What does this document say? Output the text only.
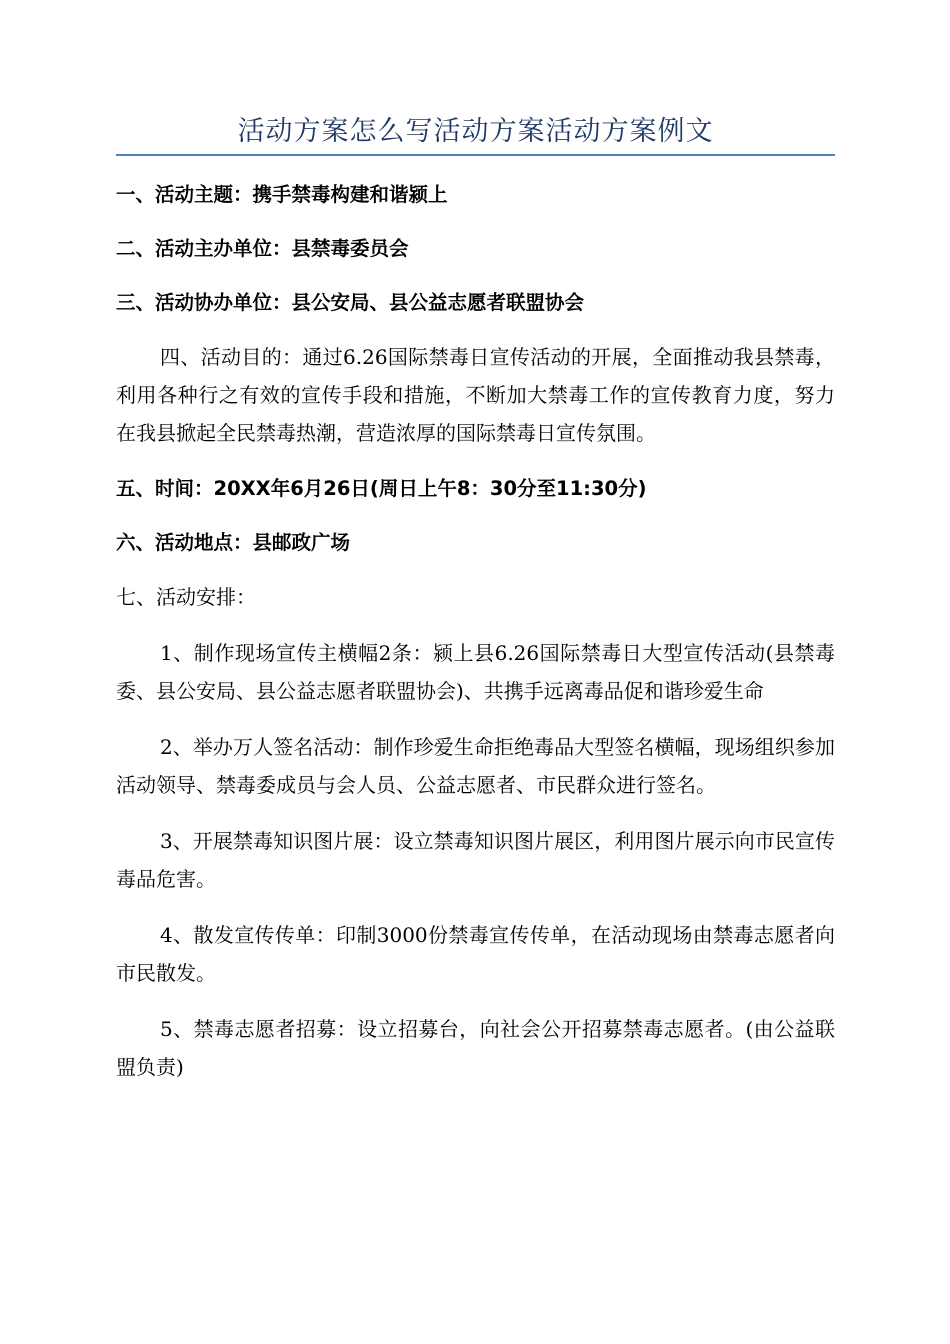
活动方案怎么写活动方案活动方案例文
一、活动主题：携手禁毒构建和谐颍上
二、活动主办单位：县禁毒委员会
三、活动协办单位：县公安局、县公益志愿者联盟协会
四、活动目的：通过6.26国际禁毒日宣传活动的开展，全面推动我县禁毒，利用各种行之有效的宣传手段和措施，不断加大禁毒工作的宣传教育力度，努力在我县掀起全民禁毒热潮，营造浓厚的国际禁毒日宣传氛围。
五、时间：20XX年6月26日(周日上午8：30分至11:30分)
六、活动地点：县邮政广场
七、活动安排：
1、制作现场宣传主横幅2条：颍上县6.26国际禁毒日大型宣传活动(县禁毒委、县公安局、县公益志愿者联盟协会)、共携手远离毒品促和谐珍爱生命
2、举办万人签名活动：制作珍爱生命拒绝毒品大型签名横幅，现场组织参加活动领导、禁毒委成员与会人员、公益志愿者、市民群众进行签名。
3、开展禁毒知识图片展：设立禁毒知识图片展区，利用图片展示向市民宣传毒品危害。
4、散发宣传传单：印制3000份禁毒宣传传单，在活动现场由禁毒志愿者向市民散发。
5、禁毒志愿者招募：设立招募台，向社会公开招募禁毒志愿者。(由公益联盟负责)
